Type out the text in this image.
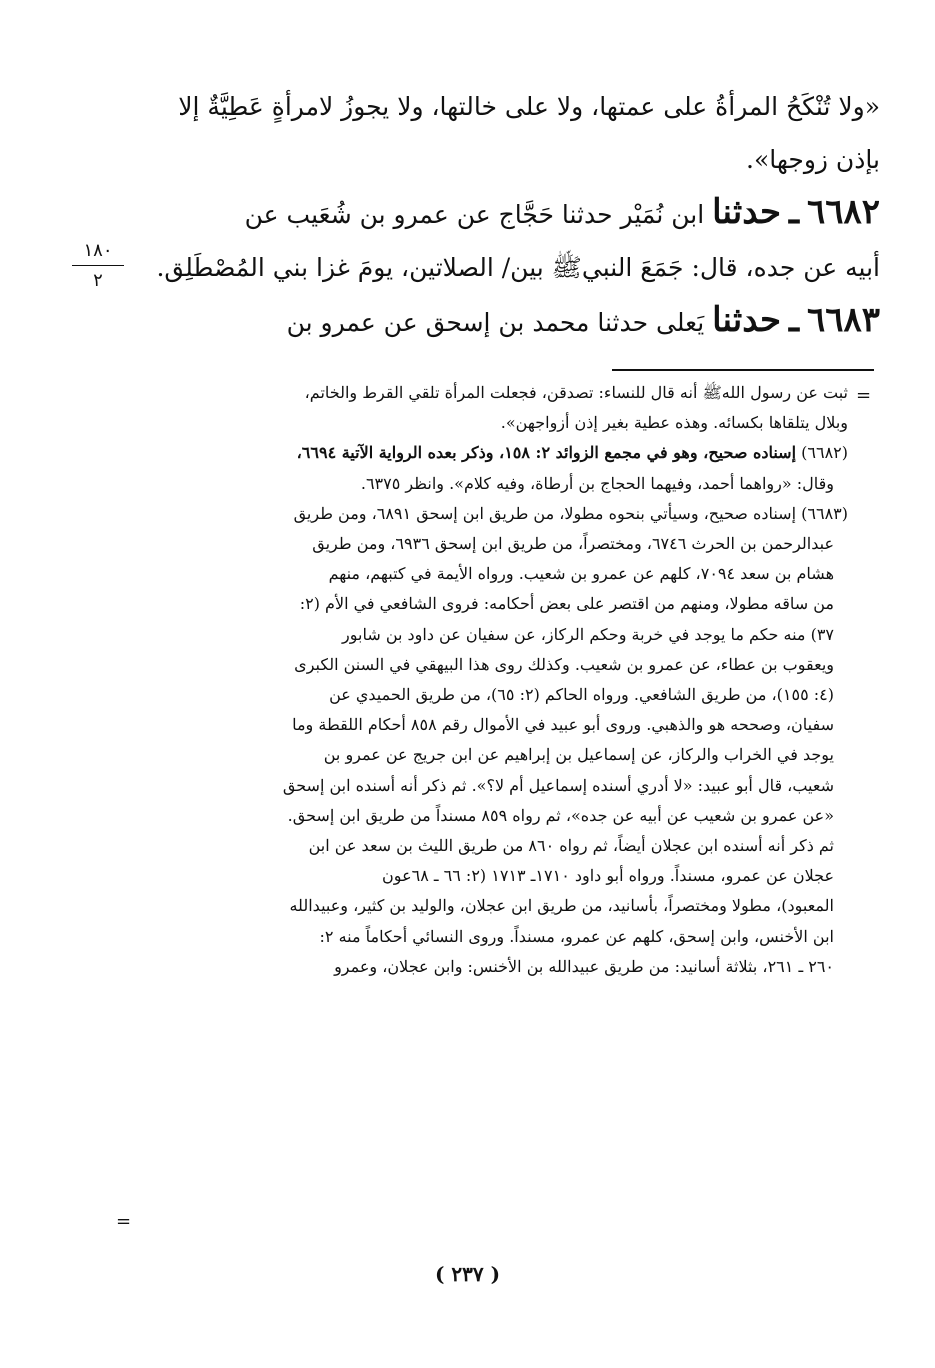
«ولا تُنْكَحُ المرأةُ على عمتها، ولا على خالتها، ولا يجوزُ لامرأةٍ عَطِيَّةٌ إلا

بإذن زوجها».

٦٦٨٢ ـ حدثنا ابن نُمَيْر حدثنا حَجَّاج عن عمرو بن شُعَيب عن

أبيه عن جده، قال: جَمَعَ النبيﷺ بين/ الصلاتين، يومَ غزا بني المُصْطَلِق.

٦٦٨٣ ـ حدثنا يَعلى حدثنا محمد بن إسحق عن عمرو بن

١٨٠
٢
=

ثبت عن رسول اللهﷺ أنه قال للنساء: تصدقن، فجعلت المرأة تلقي القرط والخاتم،

وبلال يتلقاها بكسائه. وهذه عطية بغير إذن أزواجهن».

(٦٦٨٢) إسناده صحيح، وهو في مجمع الزوائد ٢: ١٥٨، وذكر بعده الرواية الآتية ٦٦٩٤،

وقال: «رواهما أحمد، وفيهما الحجاج بن أرطاة، وفيه كلام». وانظر ٦٣٧٥.

(٦٦٨٣) إسناده صحيح، وسيأتي بنحوه مطولا، من طريق ابن إسحق ٦٨٩١، ومن طريق

عبدالرحمن بن الحرث ٦٧٤٦، ومختصراً، من طريق ابن إسحق ٦٩٣٦، ومن طريق

هشام بن سعد ٧٠٩٤، كلهم عن عمرو بن شعيب. ورواه الأيمة في كتبهم، منهم

من ساقه مطولا، ومنهم من اقتصر على بعض أحكامه: فروى الشافعي في الأم (٢:

٣٧) منه حكم ما يوجد في خربة وحكم الركاز، عن سفيان عن داود بن شابور

ويعقوب بن عطاء، عن عمرو بن شعيب. وكذلك روى هذا البيهقي في السنن الكبرى

(٤: ١٥٥)، من طريق الشافعي. ورواه الحاكم (٢: ٦٥)، من طريق الحميدي عن

سفيان، وصححه هو والذهبي. وروى أبو عبيد في الأموال رقم ٨٥٨ أحكام اللقطة وما

يوجد في الخراب والركاز، عن إسماعيل بن إبراهيم عن ابن جريج عن عمرو بن

شعيب، قال أبو عبيد: «لا أدري أسنده إسماعيل أم لا؟». ثم ذكر أنه أسنده ابن إسحق

«عن عمرو بن شعيب عن أبيه عن جده»، ثم رواه ٨٥٩ مسنداً من طريق ابن إسحق.

ثم ذكر أنه أسنده ابن عجلان أيضاً، ثم رواه ٨٦٠ من طريق الليث بن سعد عن ابن

عجلان عن عمرو، مسنداً. ورواه أبو داود ١٧١٠ـ ١٧١٣ (٢: ٦٦ ـ ٦٨عون

المعبود)، مطولا ومختصراً، بأسانيد، من طريق ابن عجلان، والوليد بن كثير، وعبيدالله

ابن الأخنس، وابن إسحق، كلهم عن عمرو، مسنداً. وروى النسائي أحكاماً منه ٢:

٢٦٠ ـ ٢٦١، بثلاثة أسانيد: من طريق عبيدالله بن الأخنس: وابن عجلان، وعمرو

=
( ٢٣٧ )
